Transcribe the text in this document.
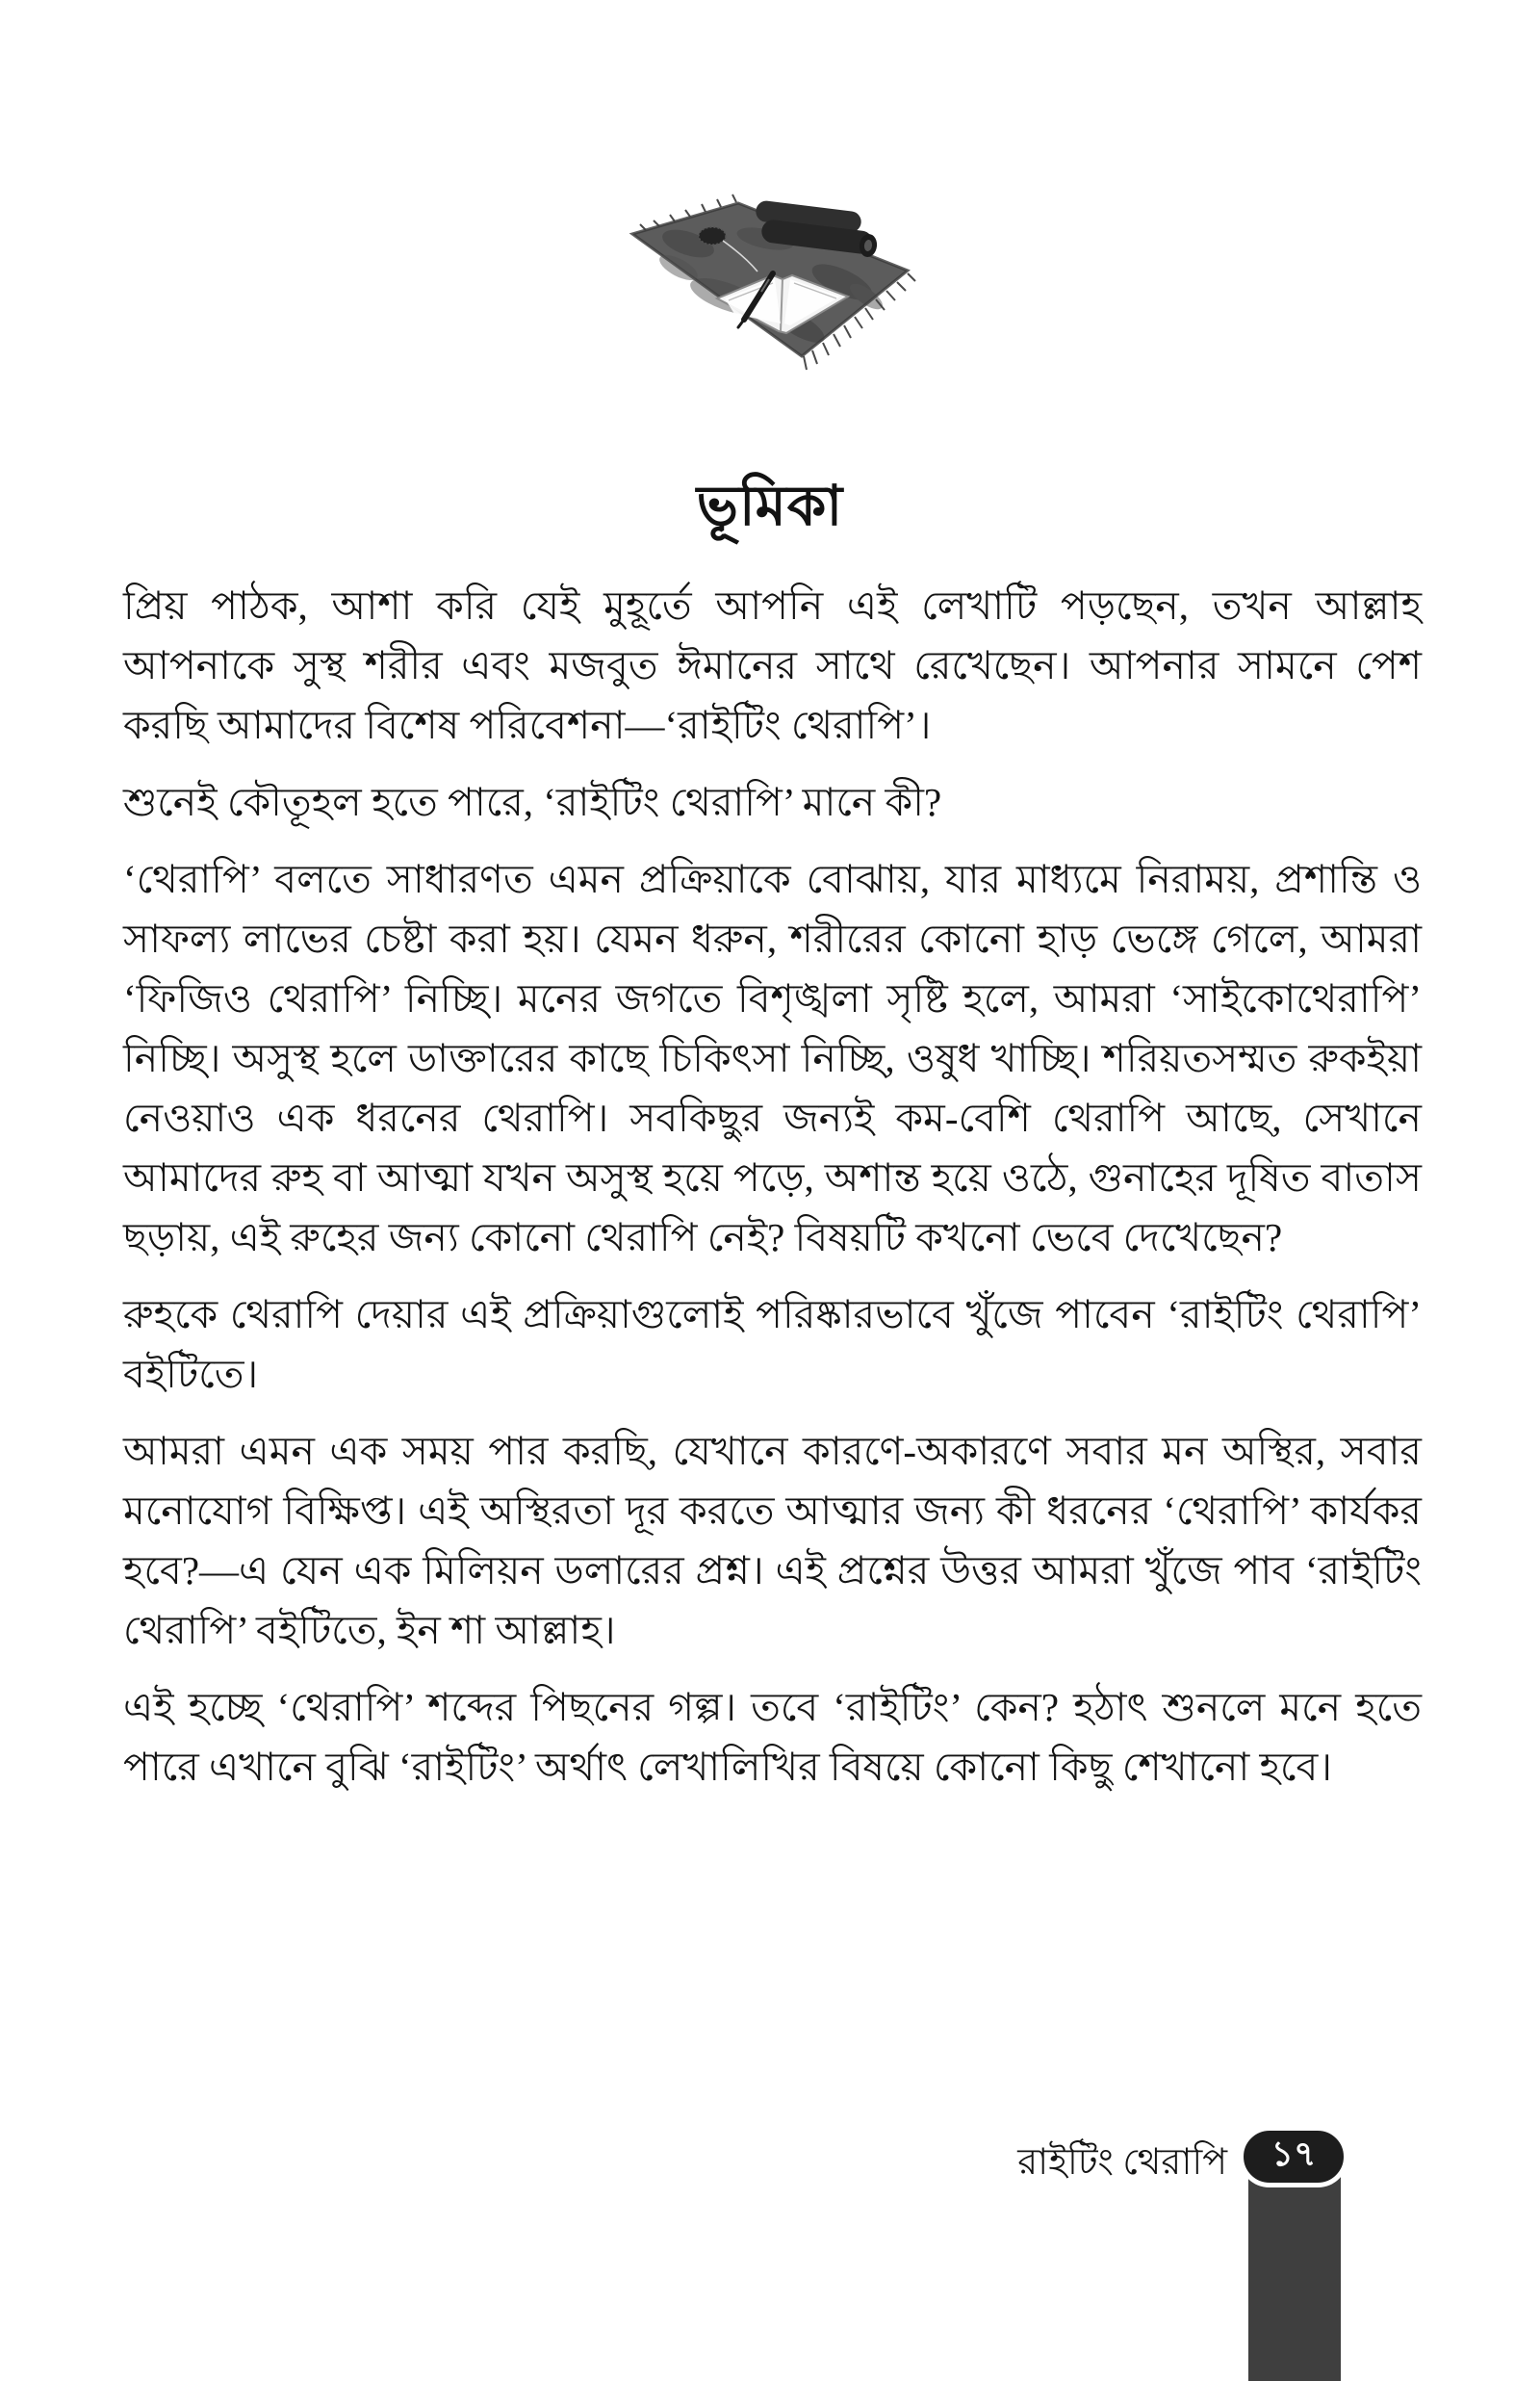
ভূমিকা

প্রিয় পাঠক, আশা করি যেই মুহূর্তে আপনি এই লেখাটি পড়ছেন, তখন আল্লাহ আপনাকে সুস্থ শরীর এবং মজবুত ঈমানের সাথে রেখেছেন। আপনার সামনে পেশ করছি আমাদের বিশেষ পরিবেশনা—‘রাইটিং থেরাপি’।

শুনেই কৌতূহল হতে পারে, ‘রাইটিং থেরাপি’ মানে কী?

‘থেরাপি’ বলতে সাধারণত এমন প্রক্রিয়াকে বোঝায়, যার মাধ্যমে নিরাময়, প্রশান্তি ও সাফল্য লাভের চেষ্টা করা হয়। যেমন ধরুন, শরীরের কোনো হাড় ভেঙ্গে গেলে, আমরা ‘ফিজিও থেরাপি’ নিচ্ছি। মনের জগতে বিশৃঙ্খলা সৃষ্টি হলে, আমরা ‘সাইকোথেরাপি’ নিচ্ছি। অসুস্থ হলে ডাক্তারের কাছে চিকিৎসা নিচ্ছি, ওষুধ খাচ্ছি। শরিয়তসম্মত রুকইয়া নেওয়াও এক ধরনের থেরাপি। সবকিছুর জন্যই কম-বেশি থেরাপি আছে, সেখানে আমাদের রুহ বা আত্মা যখন অসুস্থ হয়ে পড়ে, অশান্ত হয়ে ওঠে, গুনাহের দূষিত বাতাস ছড়ায়, এই রুহের জন্য কোনো থেরাপি নেই? বিষয়টি কখনো ভেবে দেখেছেন?

রুহকে থেরাপি দেয়ার এই প্রক্রিয়াগুলোই পরিষ্কারভাবে খুঁজে পাবেন ‘রাইটিং থেরাপি’ বইটিতে।

আমরা এমন এক সময় পার করছি, যেখানে কারণে-অকারণে সবার মন অস্থির, সবার মনোযোগ বিক্ষিপ্ত। এই অস্থিরতা দূর করতে আত্মার জন্য কী ধরনের ‘থেরাপি’ কার্যকর হবে?—এ যেন এক মিলিয়ন ডলারের প্রশ্ন। এই প্রশ্নের উত্তর আমরা খুঁজে পাব ‘রাইটিং থেরাপি’ বইটিতে, ইন শা আল্লাহ।

এই হচ্ছে ‘থেরাপি’ শব্দের পিছনের গল্প। তবে ‘রাইটিং’ কেন? হঠাৎ শুনলে মনে হতে পারে এখানে বুঝি ‘রাইটিং’ অর্থাৎ লেখালিখির বিষয়ে কোনো কিছু শেখানো হবে।

রাইটিং থেরাপি ১৭
